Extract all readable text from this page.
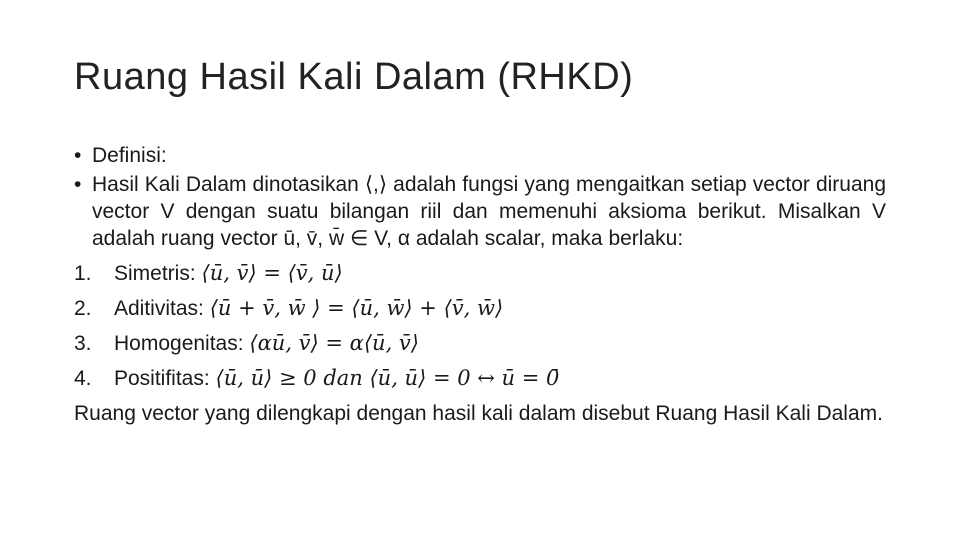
Ruang Hasil Kali Dalam (RHKD)
• Definisi:
• Hasil Kali Dalam dinotasikan ⟨,⟩ adalah fungsi yang mengaitkan setiap vector diruang vector V dengan suatu bilangan riil dan memenuhi aksioma berikut. Misalkan V adalah ruang vector ū, v̄, w̄ ∈ V, α adalah scalar, maka berlaku:
1.	Simetris:
⟨ū, v̄⟩ = ⟨v̄, ū⟩
2.	Aditivitas:
⟨ū + v̄, w̄ ⟩ = ⟨ū, w̄⟩ + ⟨v̄, w̄⟩
3.	Homogenitas:
⟨αū, v̄⟩ = α⟨ū, v̄⟩
4.	Positifitas:
⟨ū, ū⟩ ≥ 0 dan ⟨ū, ū⟩ = 0 ↔ ū = 0̄
Ruang vector yang dilengkapi dengan hasil kali dalam disebut Ruang Hasil Kali Dalam.
